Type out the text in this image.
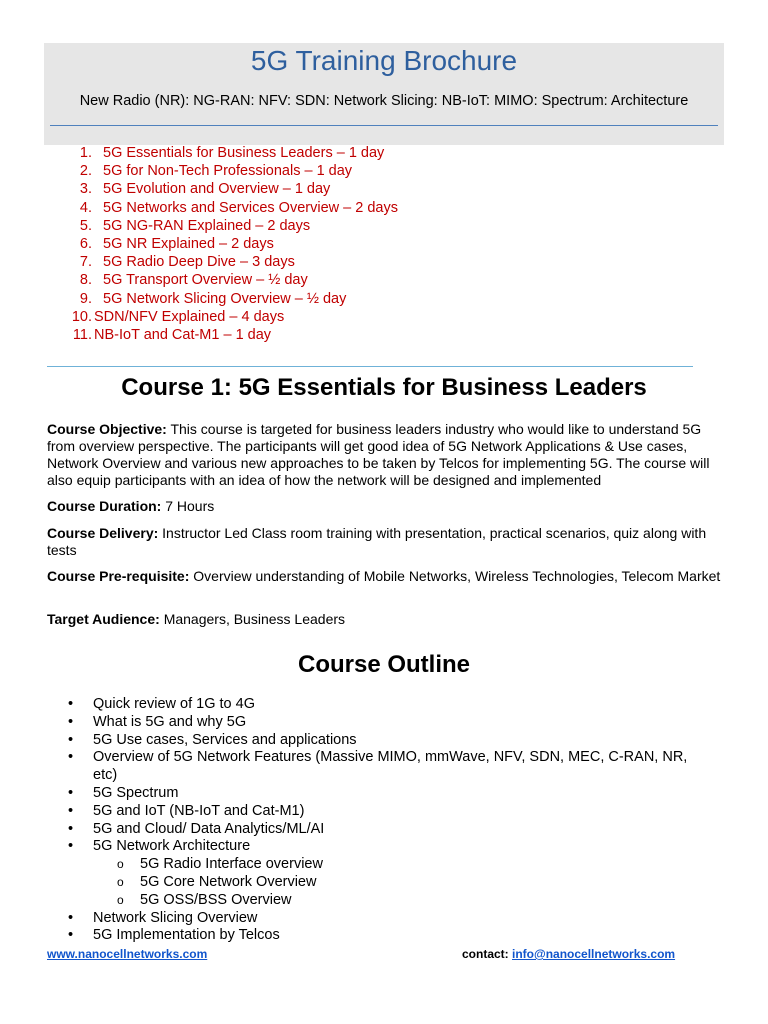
5G Training Brochure
New Radio (NR): NG-RAN: NFV: SDN: Network Slicing: NB-IoT: MIMO: Spectrum: Architecture
1. 5G Essentials for Business Leaders – 1 day
2. 5G for Non-Tech Professionals – 1 day
3. 5G Evolution and Overview – 1 day
4. 5G Networks and Services Overview – 2 days
5. 5G NG-RAN Explained – 2 days
6. 5G NR Explained – 2 days
7. 5G Radio Deep Dive – 3 days
8. 5G Transport Overview – ½ day
9. 5G Network Slicing Overview – ½ day
10. SDN/NFV Explained – 4 days
11. NB-IoT and Cat-M1 – 1 day
Course 1: 5G Essentials for Business Leaders
Course Objective: This course is targeted for business leaders industry who would like to understand 5G from overview perspective. The participants will get good idea of 5G Network Applications & Use cases, Network Overview and various new approaches to be taken by Telcos for implementing 5G. The course will also equip participants with an idea of how the network will be designed and implemented
Course Duration: 7 Hours
Course Delivery: Instructor Led Class room training with presentation, practical scenarios, quiz along with tests
Course Pre-requisite: Overview understanding of Mobile Networks, Wireless Technologies, Telecom Market
Target Audience: Managers, Business Leaders
Course Outline
• Quick review of 1G to 4G
• What is 5G and why 5G
• 5G Use cases, Services and applications
• Overview of 5G Network Features (Massive MIMO, mmWave, NFV, SDN, MEC, C-RAN, NR, etc)
• 5G Spectrum
• 5G and IoT (NB-IoT and Cat-M1)
• 5G and Cloud/ Data Analytics/ML/AI
• 5G Network Architecture
o 5G Radio Interface overview
o 5G Core Network Overview
o 5G OSS/BSS Overview
• Network Slicing Overview
• 5G Implementation by Telcos
www.nanocellnetworks.com	contact: info@nanocellnetworks.com
